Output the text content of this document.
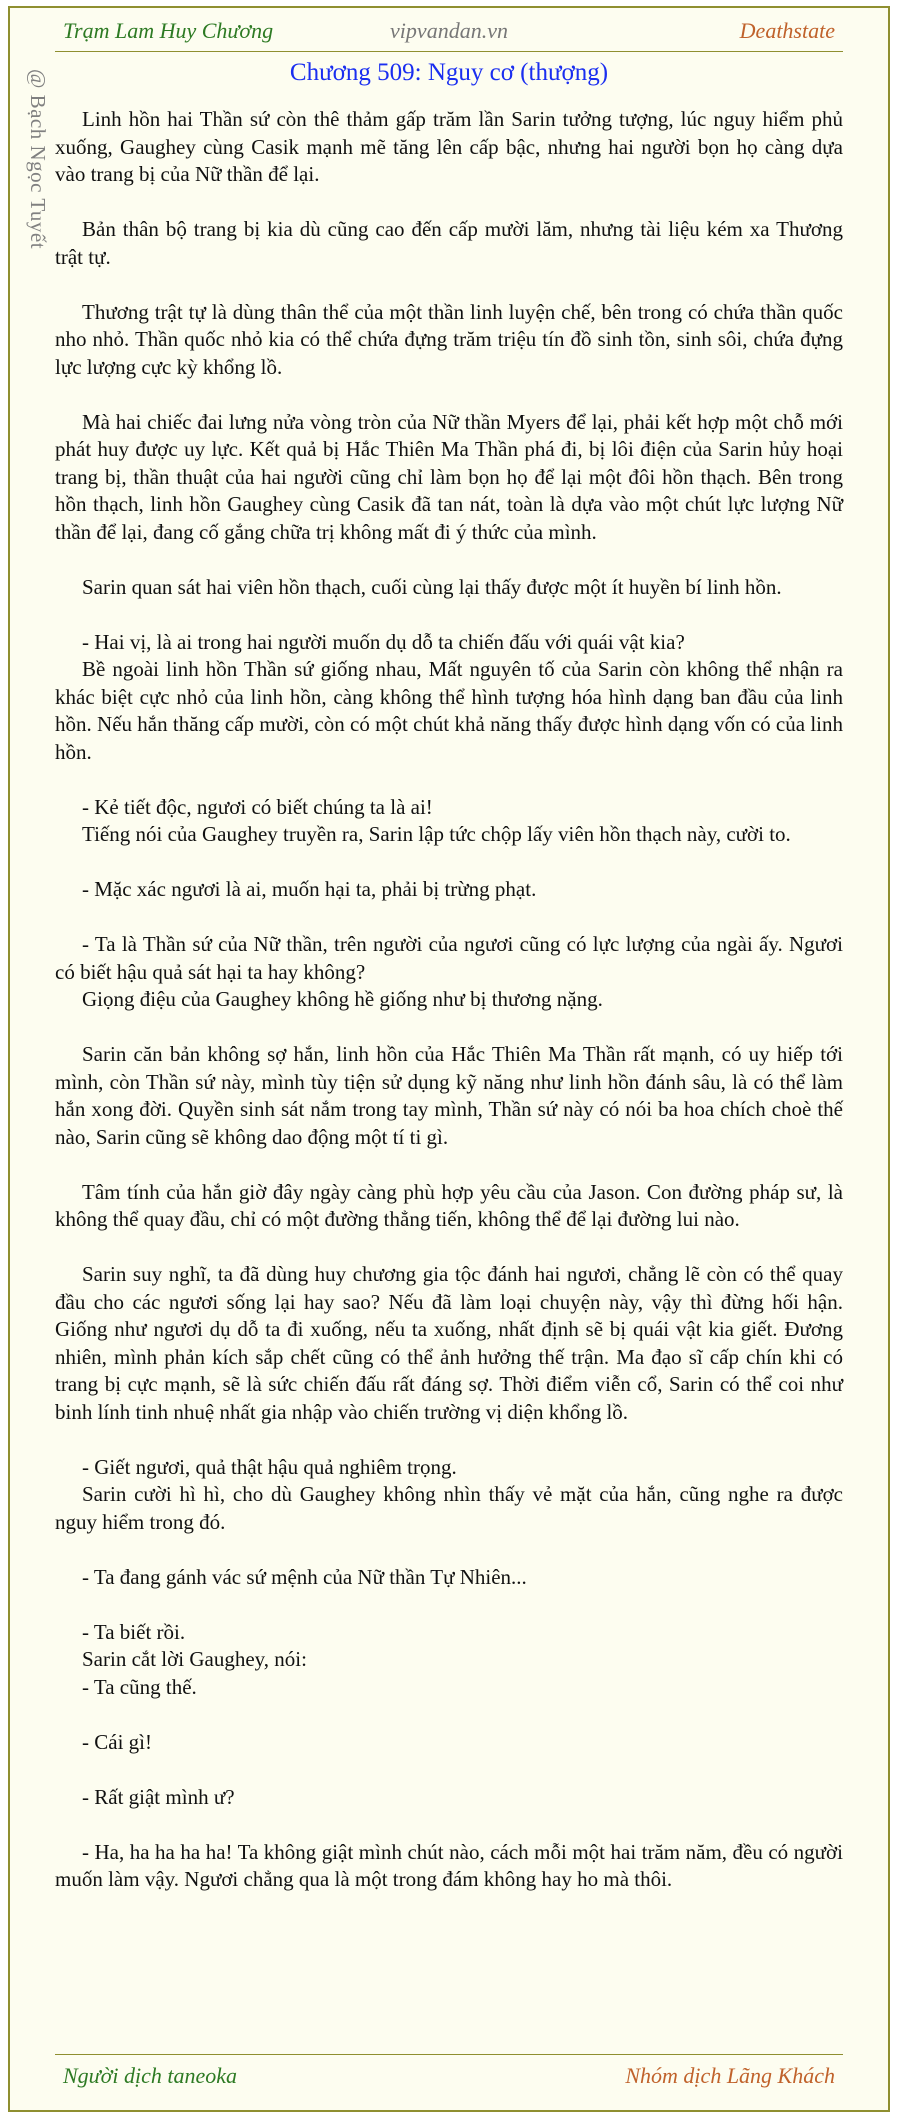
Trạm Lam Huy Chương	vipvandan.vn	Deathstate
@ Bạch Ngọc Tuyết	Chương 509: Nguy cơ (thượng)

Linh hồn hai Thần sứ còn thê thảm gấp trăm lần Sarin tưởng tượng, lúc nguy hiểm phủ xuống, Gaughey cùng Casik mạnh mẽ tăng lên cấp bậc, nhưng hai người bọn họ càng dựa vào trang bị của Nữ thần để lại.

Bản thân bộ trang bị kia dù cũng cao đến cấp mười lăm, nhưng tài liệu kém xa Thương trật tự.

Thương trật tự là dùng thân thể của một thần linh luyện chế, bên trong có chứa thần quốc nho nhỏ. Thần quốc nhỏ kia có thể chứa đựng trăm triệu tín đồ sinh tồn, sinh sôi, chứa đựng lực lượng cực kỳ khổng lồ.

Mà hai chiếc đai lưng nửa vòng tròn của Nữ thần Myers để lại, phải kết hợp một chỗ mới phát huy được uy lực. Kết quả bị Hắc Thiên Ma Thần phá đi, bị lôi điện của Sarin hủy hoại trang bị, thần thuật của hai người cũng chỉ làm bọn họ để lại một đôi hồn thạch. Bên trong hồn thạch, linh hồn Gaughey cùng Casik đã tan nát, toàn là dựa vào một chút lực lượng Nữ thần để lại, đang cố gắng chữa trị không mất đi ý thức của mình.

Sarin quan sát hai viên hồn thạch, cuối cùng lại thấy được một ít huyền bí linh hồn.

- Hai vị, là ai trong hai người muốn dụ dỗ ta chiến đấu với quái vật kia?

Bề ngoài linh hồn Thần sứ giống nhau, Mất nguyên tố của Sarin còn không thể nhận ra khác biệt cực nhỏ của linh hồn, càng không thể hình tượng hóa hình dạng ban đầu của linh hồn. Nếu hắn thăng cấp mười, còn có một chút khả năng thấy được hình dạng vốn có của linh hồn.

- Kẻ tiết độc, ngươi có biết chúng ta là ai!

Tiếng nói của Gaughey truyền ra, Sarin lập tức chộp lấy viên hồn thạch này, cười to.

- Mặc xác ngươi là ai, muốn hại ta, phải bị trừng phạt.

- Ta là Thần sứ của Nữ thần, trên người của ngươi cũng có lực lượng của ngài ấy. Ngươi có biết hậu quả sát hại ta hay không?

Giọng điệu của Gaughey không hề giống như bị thương nặng.

Sarin căn bản không sợ hắn, linh hồn của Hắc Thiên Ma Thần rất mạnh, có uy hiếp tới mình, còn Thần sứ này, mình tùy tiện sử dụng kỹ năng như linh hồn đánh sâu, là có thể làm hắn xong đời. Quyền sinh sát nắm trong tay mình, Thần sứ này có nói ba hoa chích choè thế nào, Sarin cũng sẽ không dao động một tí ti gì.

Tâm tính của hắn giờ đây ngày càng phù hợp yêu cầu của Jason. Con đường pháp sư, là không thể quay đầu, chỉ có một đường thẳng tiến, không thể để lại đường lui nào.

Sarin suy nghĩ, ta đã dùng huy chương gia tộc đánh hai ngươi, chẳng lẽ còn có thể quay đầu cho các ngươi sống lại hay sao? Nếu đã làm loại chuyện này, vậy thì đừng hối hận. Giống như ngươi dụ dỗ ta đi xuống, nếu ta xuống, nhất định sẽ bị quái vật kia giết. Đương nhiên, mình phản kích sắp chết cũng có thể ảnh hưởng thế trận. Ma đạo sĩ cấp chín khi có trang bị cực mạnh, sẽ là sức chiến đấu rất đáng sợ. Thời điểm viễn cổ, Sarin có thể coi như binh lính tinh nhuệ nhất gia nhập vào chiến trường vị diện khổng lồ.

- Giết ngươi, quả thật hậu quả nghiêm trọng.

Sarin cười hì hì, cho dù Gaughey không nhìn thấy vẻ mặt của hắn, cũng nghe ra được nguy hiểm trong đó.

- Ta đang gánh vác sứ mệnh của Nữ thần Tự Nhiên...

- Ta biết rồi.

Sarin cắt lời Gaughey, nói:

- Ta cũng thế.

- Cái gì!

- Rất giật mình ư?

- Ha, ha ha ha ha! Ta không giật mình chút nào, cách mỗi một hai trăm năm, đều có người muốn làm vậy. Ngươi chẳng qua là một trong đám không hay ho mà thôi.

Người dịch taneoka	Nhóm dịch Lãng Khách
